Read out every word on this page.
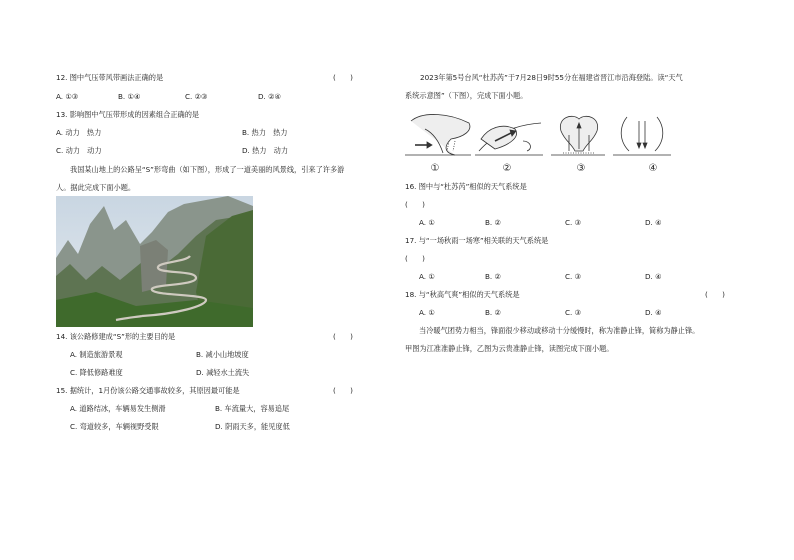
12. 图中气压带风带画法正确的是	(　　)
A. ①③	B. ①④	C. ②③	D. ②④
13. 影响图中气压带形成的因素组合正确的是
A. 动力　热力	B. 热力　热力
C. 动力　动力	D. 热力　动力
我国某山地上的公路呈“S”形弯曲（如下图），形成了一道美丽的风景线，引来了许多游
人。据此完成下面小题。
14. 该公路修建成“S”形的主要目的是	(　　)
A. 制造旅游景观	B. 减小山地坡度
C. 降低修路难度	D. 减轻水土流失
15. 据统计，1月份该公路交通事故较多，其原因最可能是	(　　)
A. 道路结冰，车辆易发生侧滑	B. 车流量大，容易追尾
C. 弯道较多，车辆视野受限	D. 阴雨天多，能见度低
2023年第5号台风“杜苏芮”于7月28日9时55分在福建省晋江市沿海登陆。读“天气
系统示意图”（下图），完成下面小题。
①	②	③	④
16. 图中与“杜苏芮”相似的天气系统是
(　　)
A. ①	B. ②	C. ③	D. ④
17. 与“一场秋雨一场寒”相关联的天气系统是
(　　)
A. ①	B. ②	C. ③	D. ④
18. 与“秋高气爽”相似的天气系统是	(　　)
A. ①	B. ②	C. ③	D. ④
当冷暖气团势力相当，锋面很少移动或移动十分缓慢时，称为准静止锋，简称为静止锋。
甲图为江准准静止锋，乙图为云贵准静止锋，读图完成下面小题。
